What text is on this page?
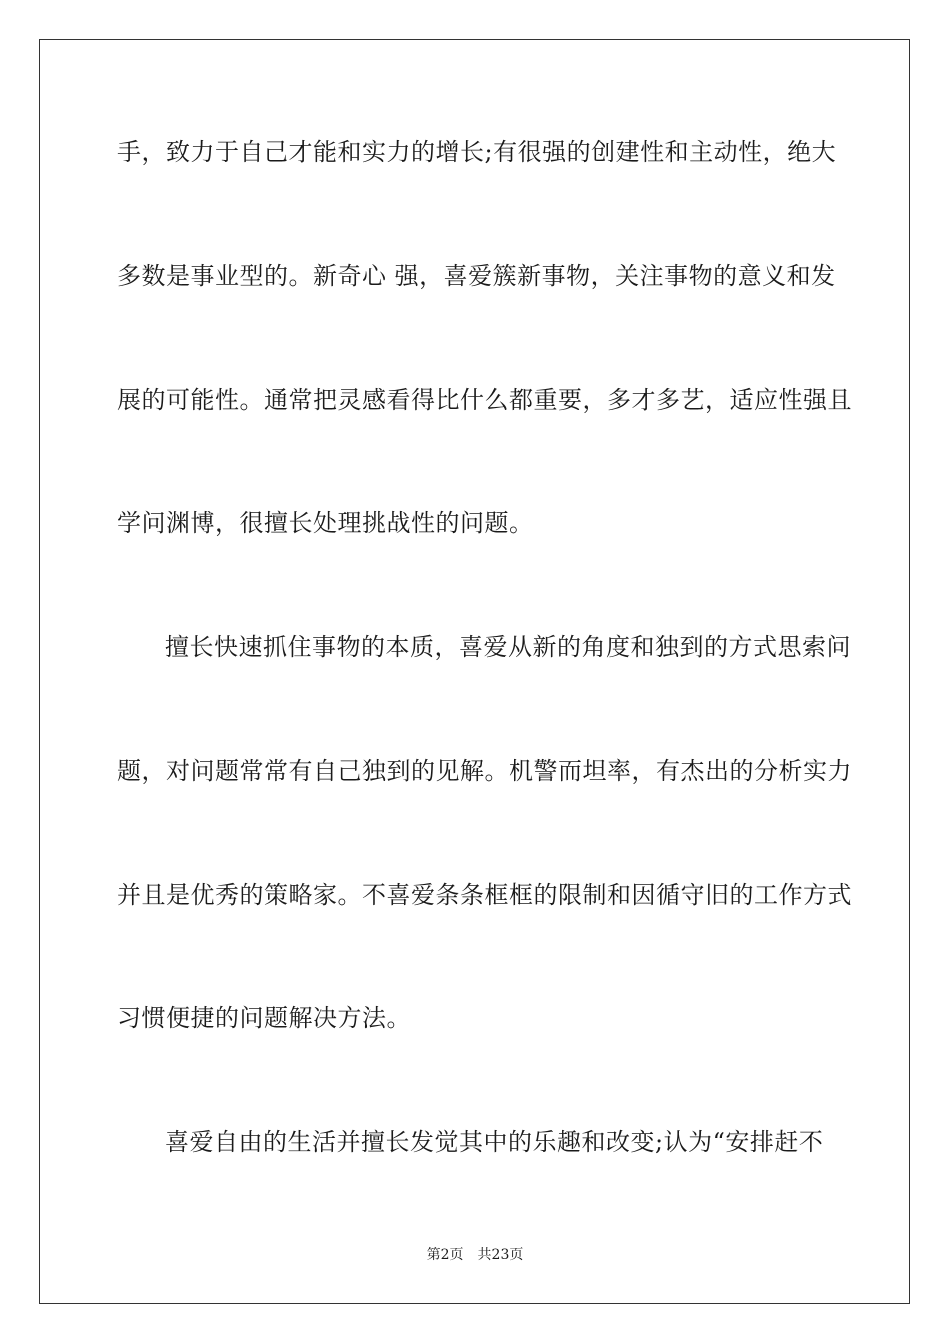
手，致力于自己才能和实力的增长;有很强的创建性和主动性，绝大
多数是事业型的。新奇心 强，喜爱簇新事物，关注事物的意义和发
展的可能性。通常把灵感看得比什么都重要，多才多艺，适应性强且
学问渊博，很擅长处理挑战性的问题。
擅长快速抓住事物的本质，喜爱从新的角度和独到的方式思索问
题，对问题常常有自己独到的见解。机警而坦率，有杰出的分析实力
并且是优秀的策略家。不喜爱条条框框的限制和因循守旧的工作方式
习惯便捷的问题解决方法。
喜爱自由的生活并擅长发觉其中的乐趣和改变;认为“安排赶不
第2页 共23页
